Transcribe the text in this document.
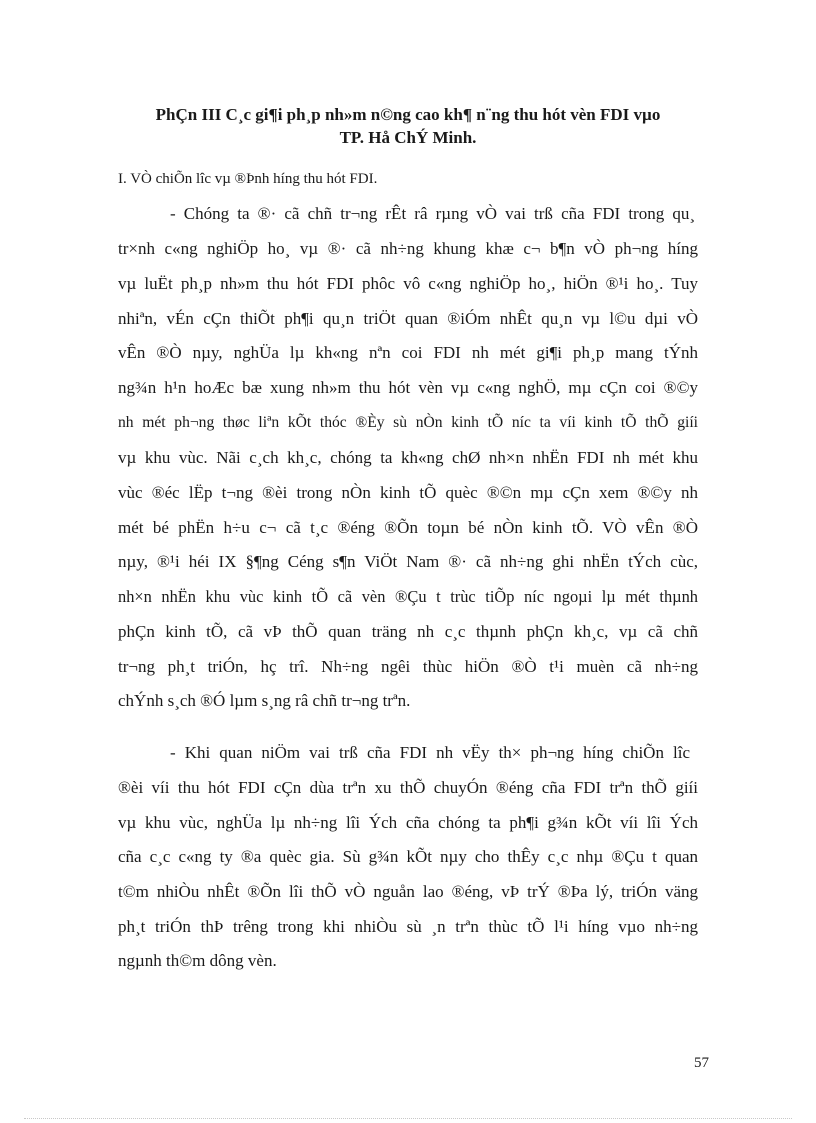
PhÇn III C¸c gi¶i ph¸p nh»m n©ng cao kh¶ n¨ng thu hót vèn FDI vµo
TP. Hå ChÝ Minh.

I. VÒ chiÕn lîc vµ ®Þnh híng thu hót FDI.

- Chóng ta ®· cã chñ tr¬ng rÊt râ rµng vÒ vai trß cña FDI trong qu¸

tr×nh c«ng nghiÖp ho¸ vµ ®· cã nh÷ng khung khæ c¬ b¶n vÒ ph¬ng híng

vµ luËt ph¸p nh»m thu hót FDI phôc vô c«ng nghiÖp ho¸, hiÖn ®¹i ho¸. Tuy

nhiªn, vÉn cÇn thiÕt ph¶i qu¸n triÖt quan ®iÓm nhÊt qu¸n vµ l©u dµi vÒ

vÊn ®Ò nµy, nghÜa lµ kh«ng nªn coi FDI nh mét gi¶i ph¸p mang tÝnh

ng¾n h¹n hoÆc bæ xung nh»m thu hót vèn vµ c«ng nghÖ, mµ cÇn coi ®©y

nh mét ph¬ng thøc liªn kÕt thóc ®Èy sù nÒn kinh tÕ níc ta víi kinh tÕ thÕ giíi

vµ khu vùc. Nãi c¸ch kh¸c, chóng ta kh«ng chØ nh×n nhËn FDI nh mét khu

vùc ®éc lËp t¬ng ®èi trong nÒn kinh tÕ quèc ®©n mµ cÇn xem ®©y nh

mét bé phËn h÷u c¬ cã t¸c ®éng ®Õn toµn bé nÒn kinh tÕ. VÒ vÊn ®Ò

nµy, ®¹i héi IX §¶ng Céng s¶n ViÖt Nam ®· cã nh÷ng ghi nhËn tÝch cùc,

nh×n nhËn khu vùc kinh tÕ cã vèn ®Çu t trùc tiÕp níc ngoµi lµ mét thµnh

phÇn kinh tÕ, cã vÞ thÕ quan träng nh c¸c thµnh phÇn kh¸c, vµ cã chñ

tr¬ng ph¸t triÓn, hç trî. Nh÷ng ngêi thùc hiÖn ®Ò t¹i muèn cã nh÷ng

chÝnh s¸ch ®Ó lµm s¸ng râ chñ tr¬ng trªn.

- Khi quan niÖm vai trß cña FDI nh vËy th× ph¬ng híng chiÕn lîc

®èi víi thu hót FDI cÇn dùa trªn xu thÕ chuyÓn ®éng cña FDI trªn thÕ giíi

vµ khu vùc, nghÜa lµ nh÷ng lîi Ých cña chóng ta ph¶i g¾n kÕt víi lîi Ých

cña c¸c c«ng ty ®a quèc gia. Sù g¾n kÕt nµy cho thÊy c¸c nhµ ®Çu t quan

t©m nhiÒu nhÊt ®Õn lîi thÕ vÒ nguån lao ®éng, vÞ trÝ ®Þa lý, triÓn väng

ph¸t triÓn thÞ trêng trong khi nhiÒu sù ¸n trªn thùc tÕ l¹i híng vµo nh÷ng

ngµnh th©m dông vèn.

57
